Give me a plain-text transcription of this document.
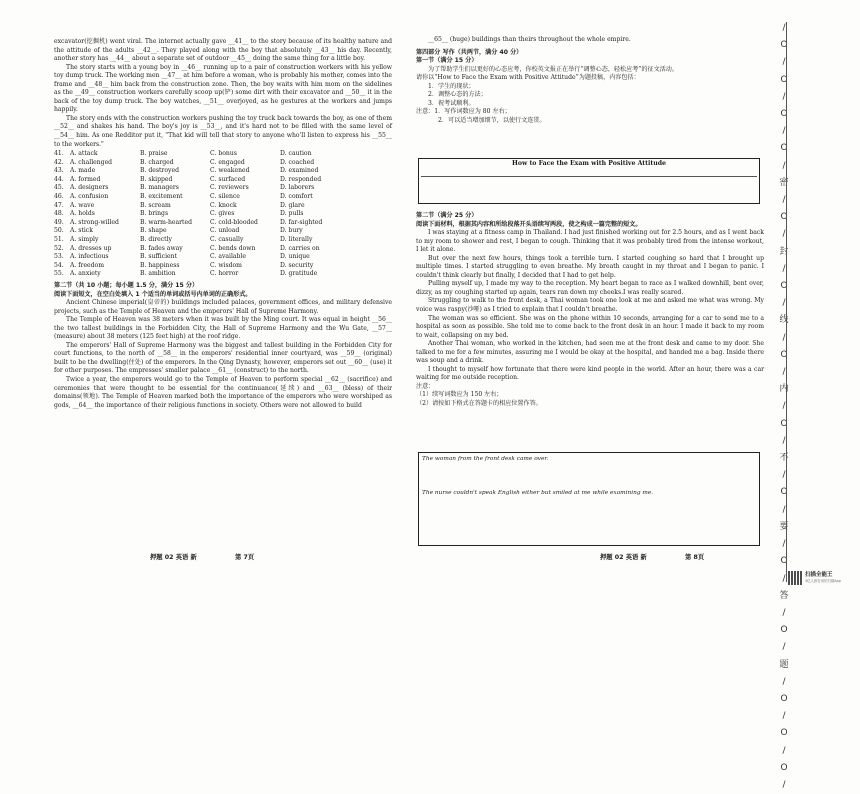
excavator(挖掘机) went viral. The internet actually gave __41__ to the story because of its healthy nature and the attitude of the adults __42__. They played along with the boy that absolutely __43__ his day. Recently, another story has __44__ about a separate set of outdoor __45__ doing the same thing for a little boy.

The story starts with a young boy in __46__ running up to a pair of construction workers with his yellow toy dump truck. The working men __47__ at him before a woman, who is probably his mother, comes into the frame and __48__ him back from the construction zone. Then, the boy waits with him mom on the sidelines as the __49__ construction workers carefully scoop up(铲) some dirt with their excavator and __50__ it in the back of the toy dump truck. The boy watches, __51__ overjoyed, as he gestures at the workers and jumps happily.

The story ends with the construction workers pushing the toy truck back towards the boy, as one of them __52__ and shakes his hand. The boy's joy is __53__, and it's hard not to be filled with the same level of __54__ him. As one Redditor put it, "That kid will tell that story to anyone who'll listen to express his __55__ to the workers."

41.	A. attack	B. praise	C. bonus	D. caution
42.	A. challenged	B. charged	C. engaged	D. coached
43.	A. made	B. destroyed	C. weakened	D. examined
44.	A. formed	B. skipped	C. surfaced	D. responded
45.	A. designers	B. managers	C. reviewers	D. laborers
46.	A. confusion	B. excitement	C. silence	D. comfort
47.	A. wave	B. scream	C. knock	D. glare
48.	A. holds	B. brings	C. gives	D. pulls
49.	A. strong-willed	B. warm-hearted	C. cold-blooded	D. far-sighted
50.	A. stick	B. shape	C. unload	D. bury
51.	A. simply	B. directly	C. casually	D. literally
52.	A. dresses up	B. fades away	C. bends down	D. carries on
53.	A. infectious	B. sufficient	C. available	D. unique
54.	A. freedom	B. happiness	C. wisdom	D. security
55.	A. anxiety	B. ambition	C. horror	D. gratitude
第二节（共 10 小题；每小题 1.5 分，满分 15 分）
阅读下面短文，在空白处填入 1 个适当的单词或括号内单词的正确形式。

Ancient Chinese imperial(皇帝的) buildings included palaces, government offices, and military defensive projects, such as the Temple of Heaven and the emperors' Hall of Supreme Harmony.

The Temple of Heaven was 38 meters when it was built by the Ming court. It was equal in height __56__ the two tallest buildings in the Forbidden City, the Hall of Supreme Harmony and the Wu Gate, __57__ (measure) about 38 meters (125 feet high) at the roof ridge.

The emperors' Hall of Supreme Harmony was the biggest and tallest building in the Forbidden City for court functions, to the north of __58__ in the emperors' residential inner courtyard, was __59__ (original) built to be the dwelling(住处) of the emperors. In the Qing Dynasty, however, emperors set out __60__ (use) it for other purposes. The empresses' smaller palace __61__ (construct) to the north.

Twice a year, the emperors would go to the Temple of Heaven to perform special __62__ (sacrifice) and ceremonies that were thought to be essential for the continuance(延续) and __63__ (bless) of their domains(领地). The Temple of Heaven marked both the importance of the emperors who were worshiped as gods, __64__ the importance of their religious functions in society. Others were not allowed to build

押题 02 英语 新	第 7页

__65__ (huge) buildings than theirs throughout the whole empire.

第四部分 写作（共两节，满分 40 分）
第一节（满分 15 分）

为了帮助学生们以更好的心态应考，你校英文报正在举行“调整心态，轻松应考”的征文活动。

请你以“How to Face the Exam with Positive Attitude”为题投稿，内容包括：

1．学生的现状；

2．调整心态的方法；

3．祝考试顺利。

注意：1．写作词数应为 80 左右；

2．可以适当增加细节，以使行文连贯。

第二节（满分 25 分）
阅读下面材料，根据其内容和所给段落开头语续写两段，使之构成一篇完整的短文。

I was staying at a fitness camp in Thailand. I had just finished working out for 2.5 hours, and as I went back to my room to shower and rest, I began to cough. Thinking that it was probably tired from the intense workout, I let it alone.

But over the next few hours, things took a terrible turn. I started coughing so hard that I brought up multiple times. I started struggling to even breathe. My breath caught in my throat and I began to panic. I couldn't think clearly but finally, I decided that I had to get help.

Pulling myself up, I made my way to the reception. My heart began to race as I walked downhill, bent over, dizzy, as my coughing started up again, tears ran down my cheeks.I was really scared.

Struggling to walk to the front desk, a Thai woman took one look at me and asked me what was wrong. My voice was raspy(沙哑) as I tried to explain that I couldn't breathe.

The woman was so efficient. She was on the phone within 10 seconds, arranging for a car to send me to a hospital as soon as possible. She told me to come back to the front desk in an hour. I made it back to my room to wait, collapsing on my bed.

Another Thai woman, who worked in the kitchen, had seen me at the front desk and came to my door. She talked to me for a few minutes, assuring me I would be okay at the hospital, and handed me a bag. Inside there was soup and a drink.

I thought to myself how fortunate that there were kind people in the world. After an hour, there was a car waiting for me outside reception.

注意：

（1）续写词数应为 150 左右；

（2）请按如下格式在答题卡的相应位置作答。

押题 02 英语 新	第 8页
How to Face the Exam with Positive Attitude
The woman from the front desk came over.
The nurse couldn't speak English either but smiled at me while examining me.
/
O
/
O
/
O
/
O
/
密
/
O
/
封
/
O
/
线
/
O
/
内
/
O
/
不
/
O
/
要
/
O
/
答
/
O
/
题
/
O
/
O
/
O
/
扫描全能王
3亿人都在用的扫描App
